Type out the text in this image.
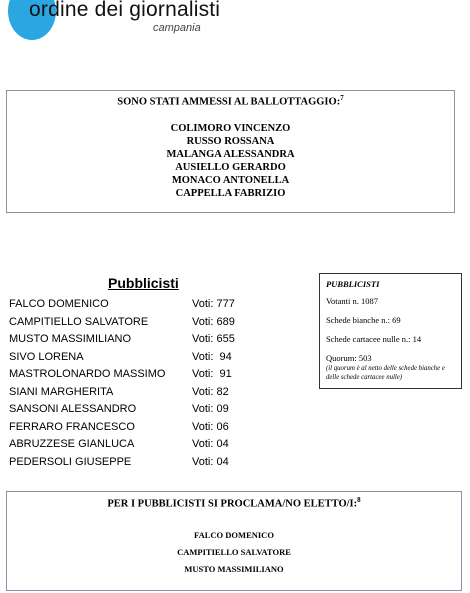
ordine dei giornalisti
campania
SONO STATI AMMESSI AL BALLOTTAGGIO:$^7$
COLIMORO VINCENZO
RUSSO ROSSANA
MALANGA ALESSANDRA
AUSIELLO GERARDO
MONACO ANTONELLA
CAPPELLA FABRIZIO
Pubblicisti
FALCO DOMENICO	Voti: 777
CAMPITIELLO SALVATORE	Voti: 689
MUSTO MASSIMILIANO	Voti: 655
SIVO LORENA	Voti:  94
MASTROLONARDO MASSIMO Voti:  91
SIANI MARGHERITA	Voti: 82
SANSONI ALESSANDRO	Voti: 09
FERRARO FRANCESCO	Voti: 06
ABRUZZESE GIANLUCA	Voti: 04
PEDERSOLI GIUSEPPE	Voti: 04
PUBBLICISTI
Votanti n. 1087
Schede bianche n.: 69
Schede cartacee nulle n.: 14
Quorum: 503
(il quorum è al netto delle schede bianche e delle schede cartacee nulle)
PER I PUBBLICISTI SI PROCLAMA/NO ELETTO/I:$^8$
FALCO DOMENICO
CAMPITIELLO SALVATORE
MUSTO MASSIMILIANO
